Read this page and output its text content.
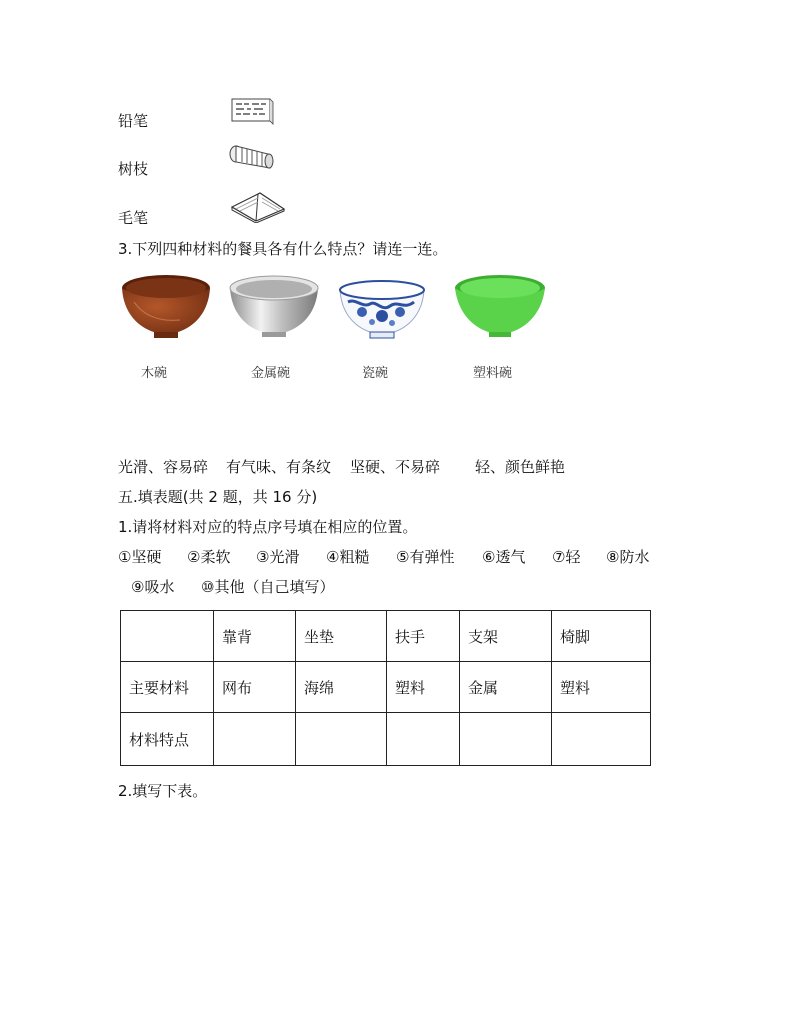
铅笔
树枝
毛笔
3.下列四种材料的餐具各有什么特点？请连一连。
木碗	金属碗	瓷碗	塑料碗
光滑、容易碎 有气味、有条纹 坚硬、不易碎 轻、颜色鲜艳
五.填表题(共 2 题，共 16 分)
1.请将材料对应的特点序号填在相应的位置。
①坚硬 ②柔软 ③光滑 ④粗糙 ⑤有弹性 ⑥透气 ⑦轻 ⑧防水
⑨吸水 ⑩其他（自己填写）
	靠背	坐垫	扶手	支架	椅脚
主要材料	网布	海绵	塑料	金属	塑料
材料特点					
2.填写下表。
